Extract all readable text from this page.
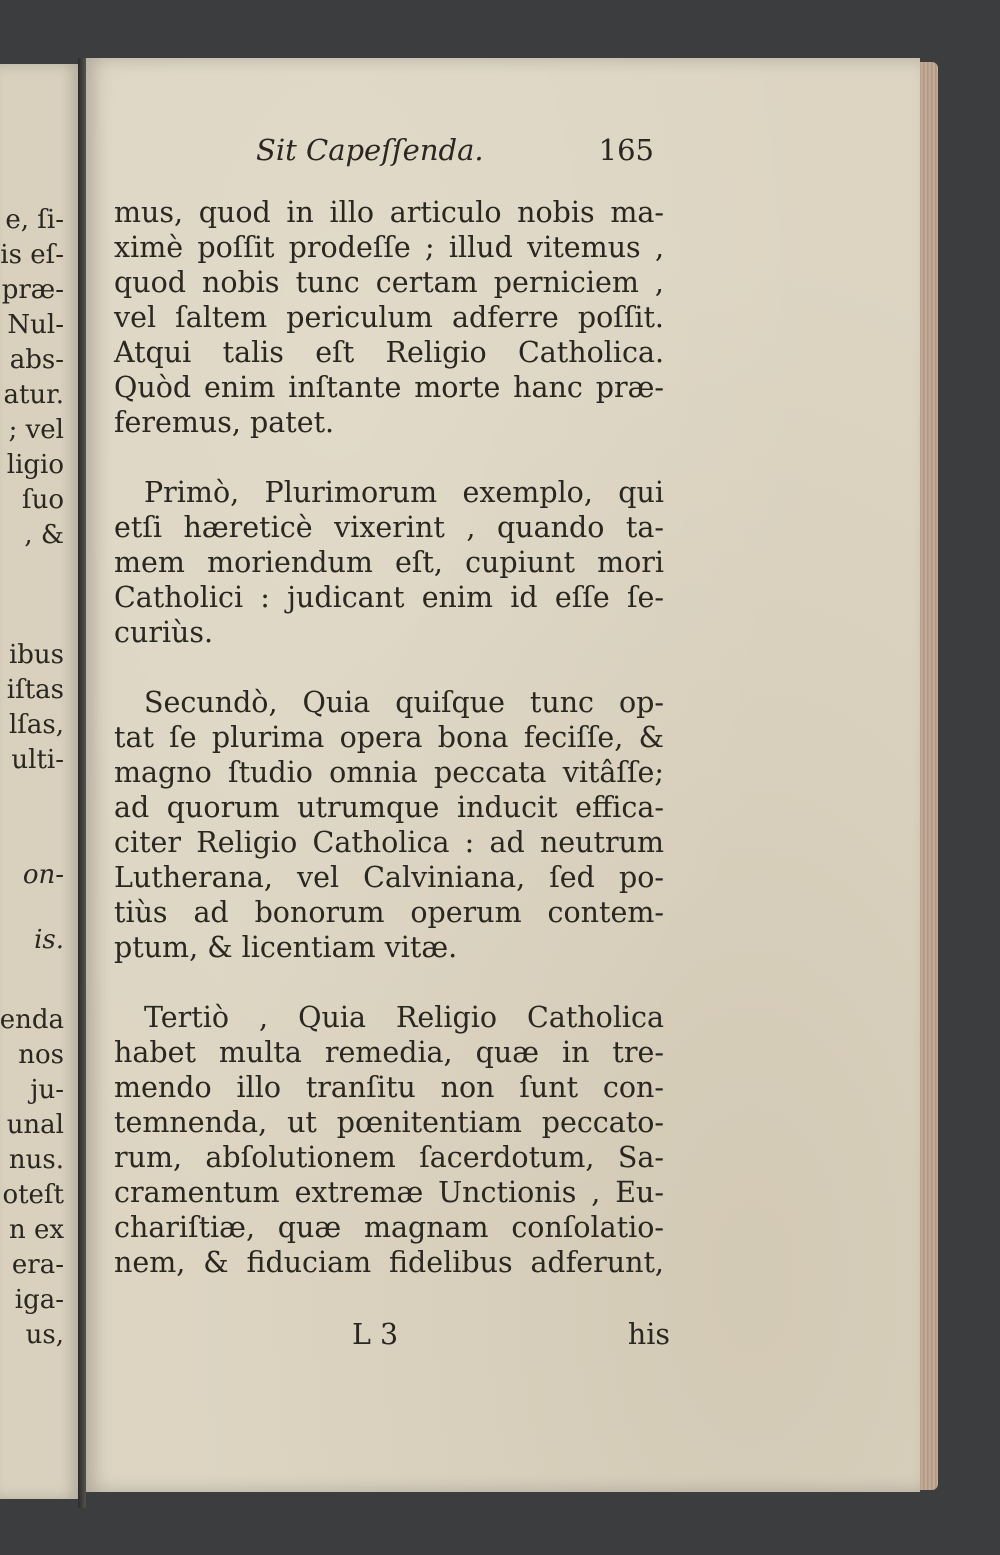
e, ſi-
is eſ-
præ-
Nul-
abs-
atur.
; vel
ligio
ſuo
, &
ibus
iſtas
lſas,
ulti-
on-
is.
enda
nos
ju-
unal
nus.
oteſt
n ex
era-
iga-
us,
Sit Capeſſenda.	165
mus, quod in illo articulo nobis ma-
ximè poſſit prodeſſe ; illud vitemus ,
quod nobis tunc certam perniciem ,
vel ſaltem periculum adferre poſſit.
Atqui talis eſt Religio Catholica.
Quòd enim inſtante morte hanc præ-
feremus, patet.
Primò, Plurimorum exemplo, qui
etſi hæreticè vixerint , quando ta-
mem moriendum eſt, cupiunt mori
Catholici : judicant enim id eſſe ſe-
curiùs.
Secundò, Quia quiſque tunc op-
tat ſe plurima opera bona feciſſe, &
magno ſtudio omnia peccata vitâſſe;
ad quorum utrumque inducit effica-
citer Religio Catholica : ad neutrum
Lutherana, vel Calviniana, ſed po-
tiùs ad bonorum operum contem-
ptum, & licentiam vitæ.
Tertiò , Quia Religio Catholica
habet multa remedia, quæ in tre-
mendo illo tranſitu non ſunt con-
temnenda, ut pœnitentiam peccato-
rum, abſolutionem ſacerdotum, Sa-
cramentum extremæ Unctionis , Eu-
chariſtiæ, quæ magnam conſolatio-
nem, & fiduciam fidelibus adferunt,
L 3	his
